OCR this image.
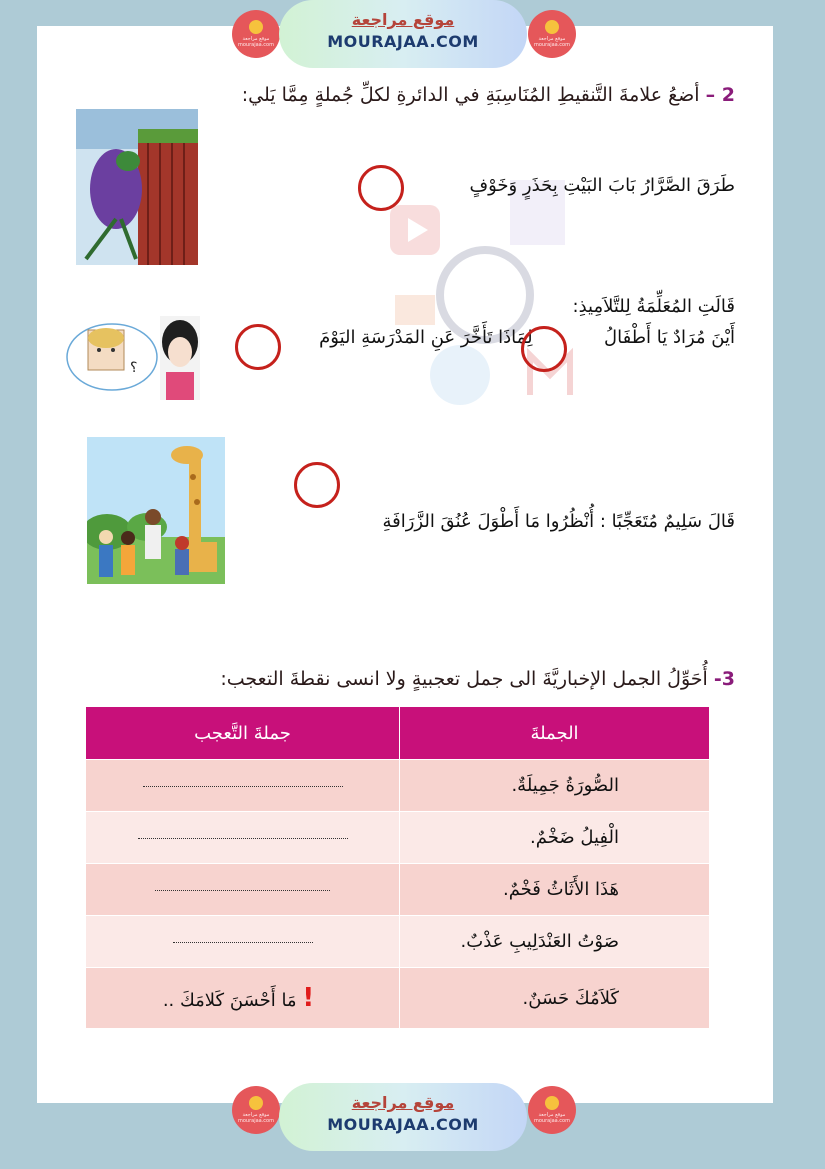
موقع مراجعة
mourajaa.com
موقع مراجعة
MOURAJAA.COM	موقع مراجعة
mourajaa.com
2 – أضعُ علامةَ التَّنقيطِ المُنَاسِبَةِ في الدائرةِ لكلِّ جُملةٍ مِمَّا يَلي:
طَرَقَ الصَّرَّارُ بَابَ البَيْتِ بِحَذَرٍ وَخَوْفٍ
؟
قَالَتِ المُعَلِّمَةُ لِلتَّلاَمِيذِ:
أَيْنَ مُرَادٌ يَا أَطْفَالُ  لِمَاذَا تَأَخَّرَ عَنِ المَدْرَسَةِ اليَوْمَ
قَالَ سَلِيمٌ مُتَعَجِّبًا : أُنْظُرُوا مَا أَطْوَلَ عُنُقَ الزَّرَافَةِ
3- أُحَوِّلُ الجمل الإخباريَّةَ الى جمل تعجبيةٍ ولا انسى نقطةَ التعجب:
جملةَ التَّعجب	الجملةَ
	الصُّورَةُ جَمِيلَةٌ.
	الْفِيلُ ضَخْمٌ.
	هَذَا الأَثَاثُ فَخْمٌ.
	صَوْتُ العَنْدَلِيبِ عَذْبٌ.
! مَا أَحْسَنَ كَلامَكَ ..	كَلاَمُكَ حَسَنٌ.
موقع مراجعة
mourajaa.com
موقع مراجعة
MOURAJAA.COM	موقع مراجعة
mourajaa.com
